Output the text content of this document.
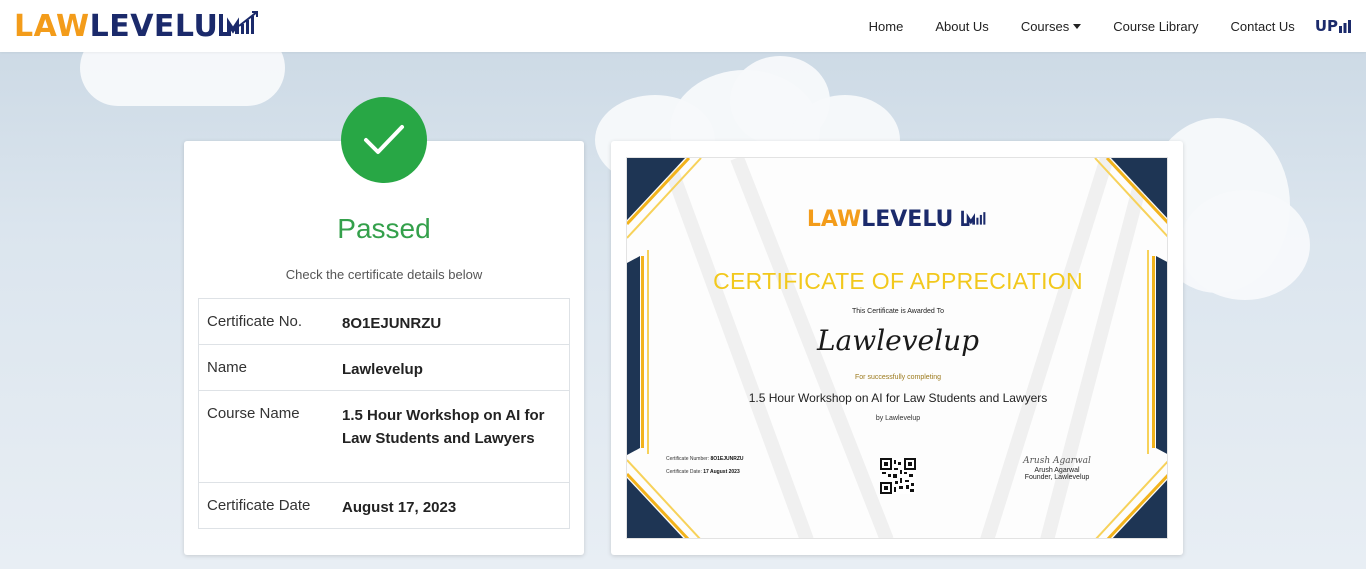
LAW LEVELU	Home About Us Courses	Course Library Contact Us UP
Passed
Check the certificate details below
Certificate No.	8O1EJUNRZU
Name	Lawlevelup
Course Name	1.5 Hour Workshop on AI for Law Students and Lawyers
Certificate Date	August 17, 2023
LAWLEVELU
CERTIFICATE OF APPRECIATION
This Certificate is Awarded To
Lawlevelup
For successfully completing
1.5 Hour Workshop on AI for Law Students and Lawyers
by Lawlevelup
Certificate Number: 8O1EJUNRZU
Certificate Date: 17 August 2023
Arush Agarwal
Arush Agarwal
Founder, Lawlevelup
